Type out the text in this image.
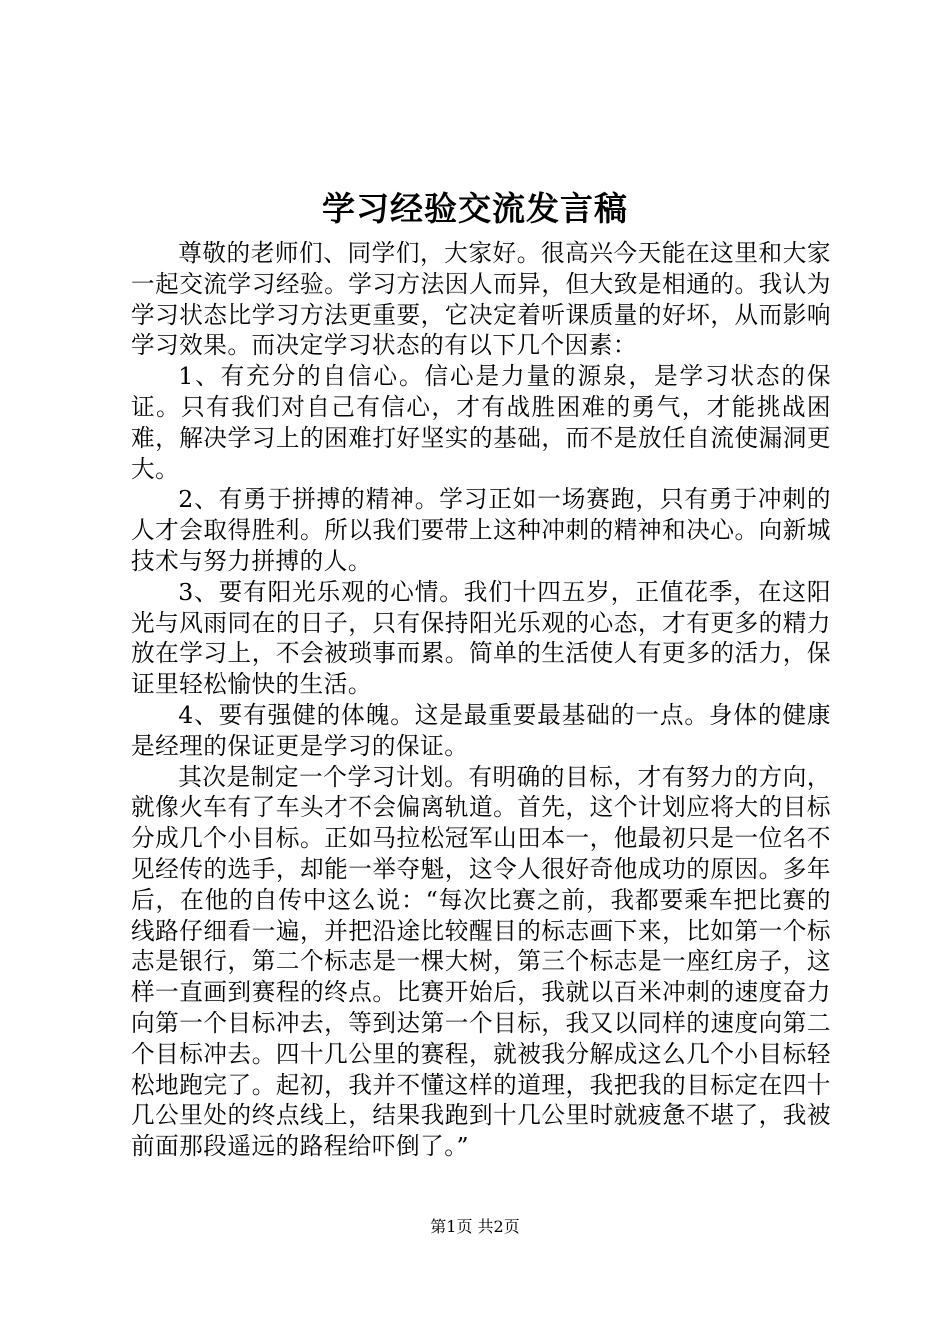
学习经验交流发言稿

尊敬的老师们、同学们，大家好。很高兴今天能在这里和大家一起交流学习经验。学习方法因人而异，但大致是相通的。我认为学习状态比学习方法更重要，它决定着听课质量的好坏，从而影响学习效果。而决定学习状态的有以下几个因素：

1、有充分的自信心。信心是力量的源泉，是学习状态的保证。只有我们对自己有信心，才有战胜困难的勇气，才能挑战困难，解决学习上的困难打好坚实的基础，而不是放任自流使漏洞更大。

2、有勇于拼搏的精神。学习正如一场赛跑，只有勇于冲刺的人才会取得胜利。所以我们要带上这种冲刺的精神和决心。向新城技术与努力拼搏的人。

3、要有阳光乐观的心情。我们十四五岁，正值花季，在这阳光与风雨同在的日子，只有保持阳光乐观的心态，才有更多的精力放在学习上，不会被琐事而累。简单的生活使人有更多的活力，保证里轻松愉快的生活。

4、要有强健的体魄。这是最重要最基础的一点。身体的健康是经理的保证更是学习的保证。

其次是制定一个学习计划。有明确的目标，才有努力的方向，就像火车有了车头才不会偏离轨道。首先，这个计划应将大的目标分成几个小目标。正如马拉松冠军山田本一，他最初只是一位名不见经传的选手，却能一举夺魁，这令人很好奇他成功的原因。多年后，在他的自传中这么说：“每次比赛之前，我都要乘车把比赛的线路仔细看一遍，并把沿途比较醒目的标志画下来，比如第一个标志是银行，第二个标志是一棵大树，第三个标志是一座红房子，这样一直画到赛程的终点。比赛开始后，我就以百米冲刺的速度奋力向第一个目标冲去，等到达第一个目标，我又以同样的速度向第二个目标冲去。四十几公里的赛程，就被我分解成这么几个小目标轻松地跑完了。起初，我并不懂这样的道理，我把我的目标定在四十几公里处的终点线上，结果我跑到十几公里时就疲惫不堪了，我被前面那段遥远的路程给吓倒了。”

第1页 共2页
